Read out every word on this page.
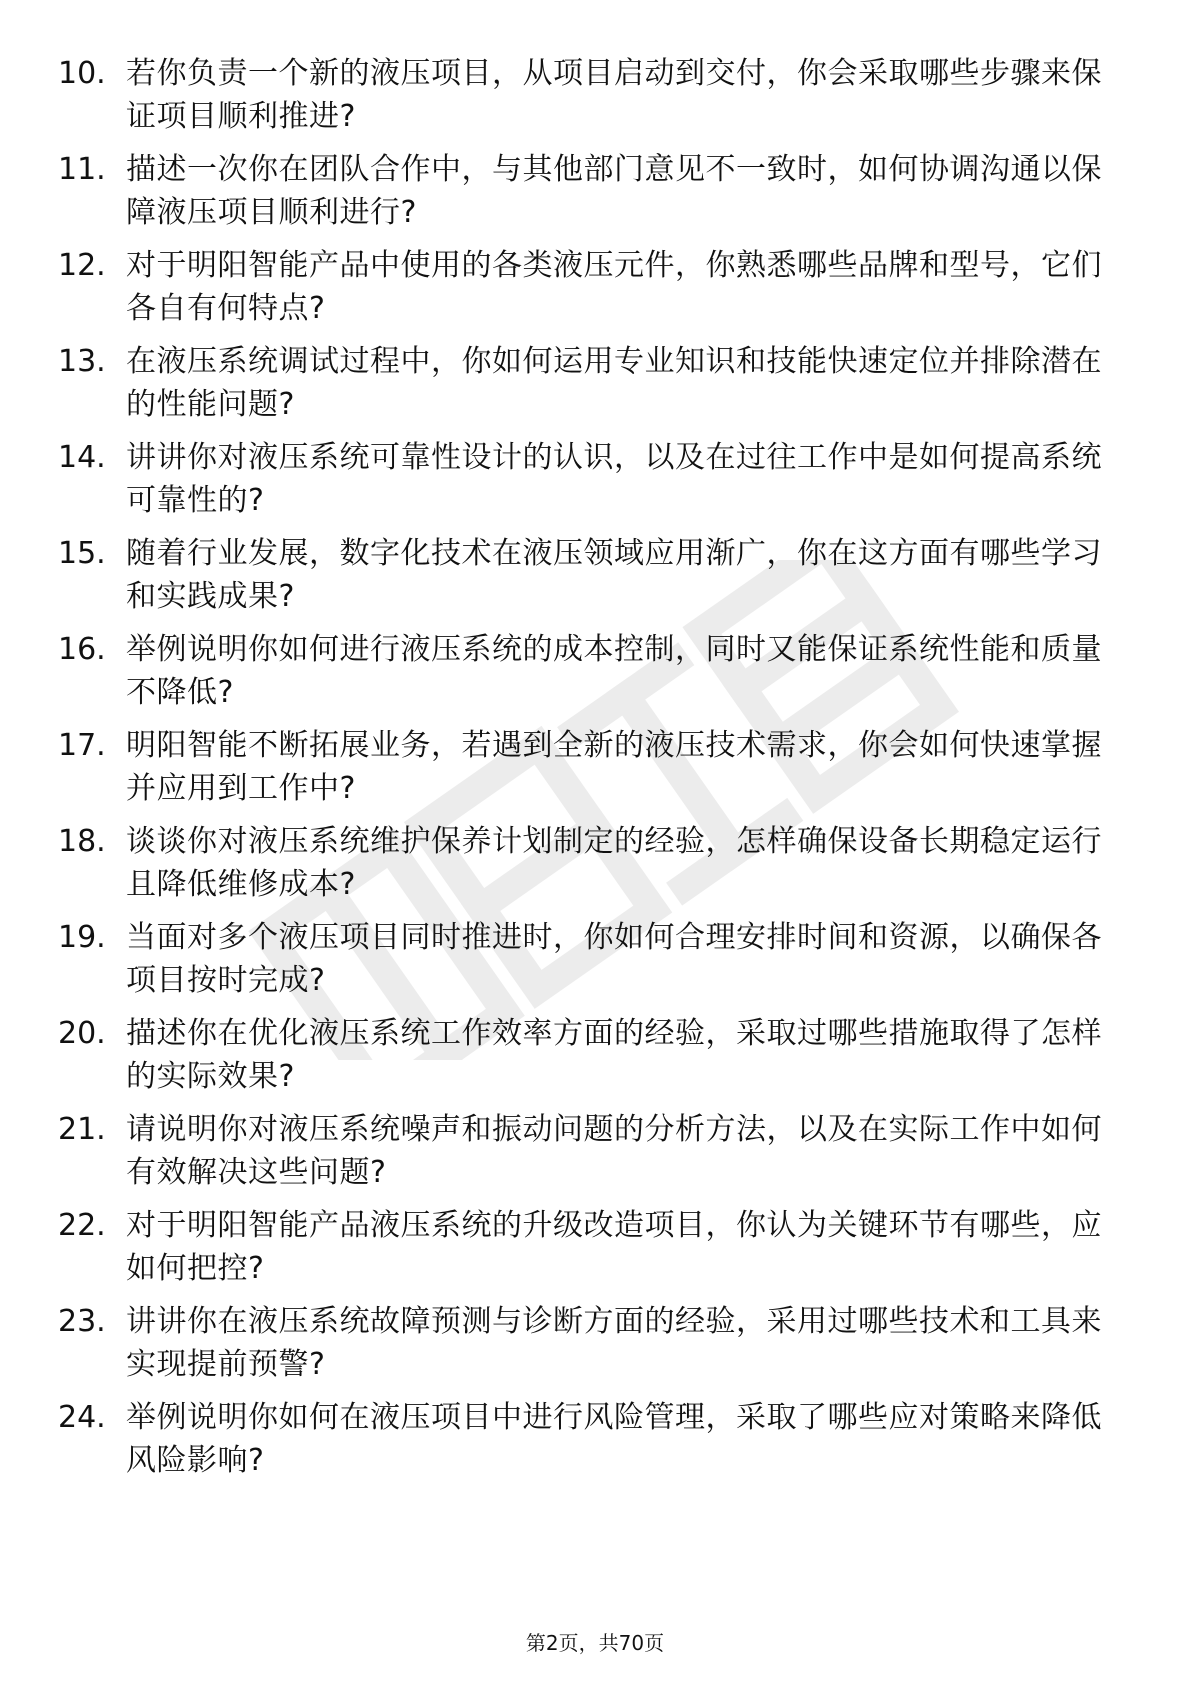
10. 若你负责一个新的液压项目，从项目启动到交付，你会采取哪些步骤来保证项目顺利推进?
11. 描述一次你在团队合作中，与其他部门意见不一致时，如何协调沟通以保障液压项目顺利进行?
12. 对于明阳智能产品中使用的各类液压元件，你熟悉哪些品牌和型号，它们各自有何特点?
13. 在液压系统调试过程中，你如何运用专业知识和技能快速定位并排除潜在的性能问题?
14. 讲讲你对液压系统可靠性设计的认识，以及在过往工作中是如何提高系统可靠性的?
15. 随着行业发展，数字化技术在液压领域应用渐广，你在这方面有哪些学习和实践成果?
16. 举例说明你如何进行液压系统的成本控制，同时又能保证系统性能和质量不降低?
17. 明阳智能不断拓展业务，若遇到全新的液压技术需求，你会如何快速掌握并应用到工作中?
18. 谈谈你对液压系统维护保养计划制定的经验，怎样确保设备长期稳定运行且降低维修成本?
19. 当面对多个液压项目同时推进时，你如何合理安排时间和资源，以确保各项目按时完成?
20. 描述你在优化液压系统工作效率方面的经验，采取过哪些措施取得了怎样的实际效果?
21. 请说明你对液压系统噪声和振动问题的分析方法，以及在实际工作中如何有效解决这些问题?
22. 对于明阳智能产品液压系统的升级改造项目，你认为关键环节有哪些，应如何把控?
23. 讲讲你在液压系统故障预测与诊断方面的经验，采用过哪些技术和工具来实现提前预警?
24. 举例说明你如何在液压项目中进行风险管理，采取了哪些应对策略来降低风险影响?
第2页，共70页
